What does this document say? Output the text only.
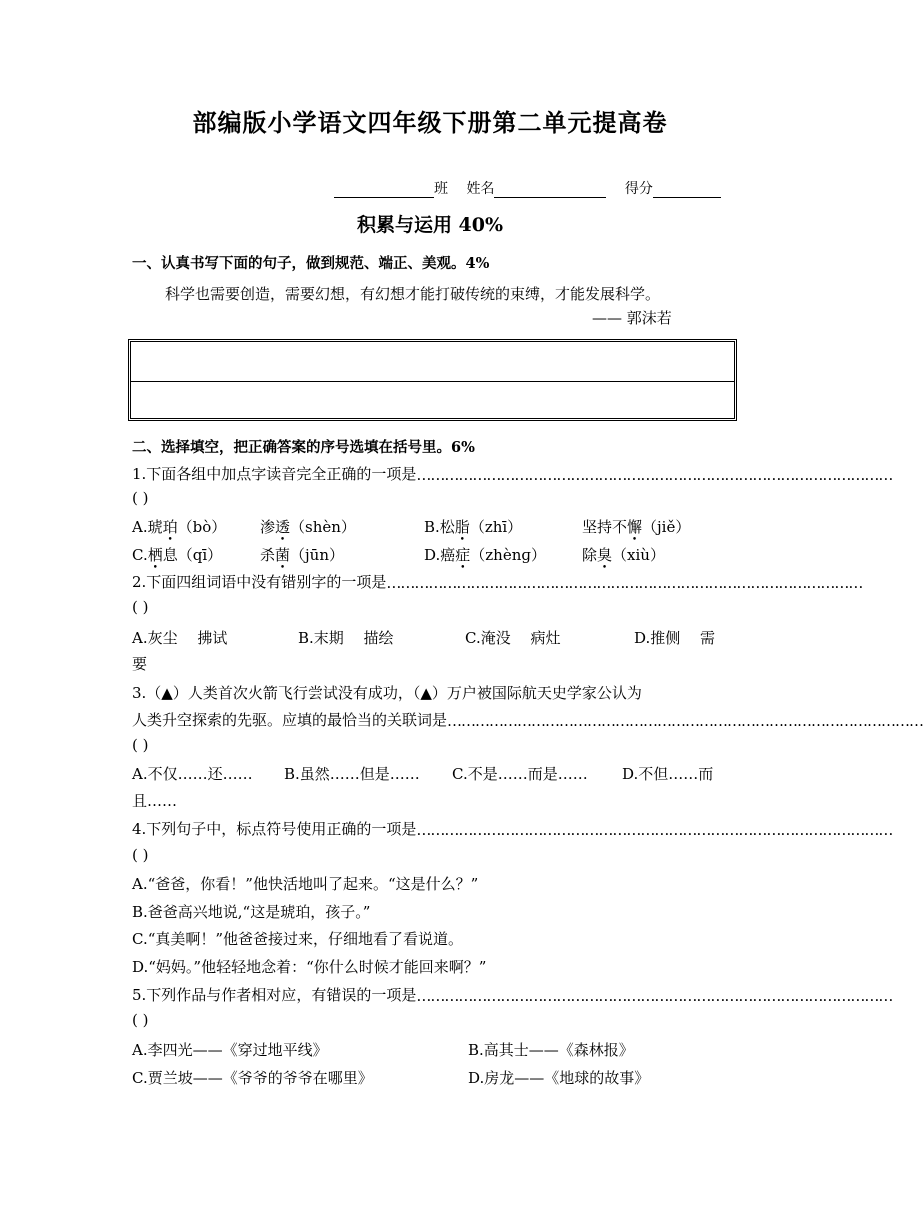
部编版小学语文四年级下册第二单元提高卷
班 姓名	得分
积累与运用 40%
一、认真书写下面的句子，做到规范、端正、美观。4%
科学也需要创造，需要幻想，有幻想才能打破传统的束缚，才能发展科学。
—— 郭沫若
二、选择填空，把正确答案的序号选填在括号里。6%
1.下面各组中加点字读音完全正确的一项是…………………………………………………………………………………………
( )
A.琥珀（bò） 渗透（shèn）	B.松脂（zhī）	坚持不懈（jiě）
C.栖息（qī）	杀菌（jūn）	D.癌症（zhènɡ） 除臭（xiù）
2.下面四组词语中没有错别字的一项是…………………………………………………………………………………………
( )
A.灰尘　 拂试	B.末期　 描绘	C.淹没　 病灶	D.推侧　 需
要
3.（▲）人类首次火箭飞行尝试没有成功，（▲）万户被国际航天史学家公认为
人类升空探索的先驱。应填的最恰当的关联词是…………………………………………………………………………………………
( )
A.不仅……还…… B.虽然……但是…… C.不是……而是…… D.不但……而
且……
4.下列句子中，标点符号使用正确的一项是…………………………………………………………………………………………
( )
A.“爸爸，你看！”他快活地叫了起来。“这是什么？”
B.爸爸高兴地说,“这是琥珀，孩子。”
C.“真美啊！”他爸爸接过来，仔细地看了看说道。
D.“妈妈。”他轻轻地念着：“你什么时候才能回来啊？”
5.下列作品与作者相对应，有错误的一项是…………………………………………………………………………………………
( )
A.李四光——《穿过地平线》	B.高其士——《森林报》
C.贾兰坡——《爷爷的爷爷在哪里》	D.房龙——《地球的故事》
